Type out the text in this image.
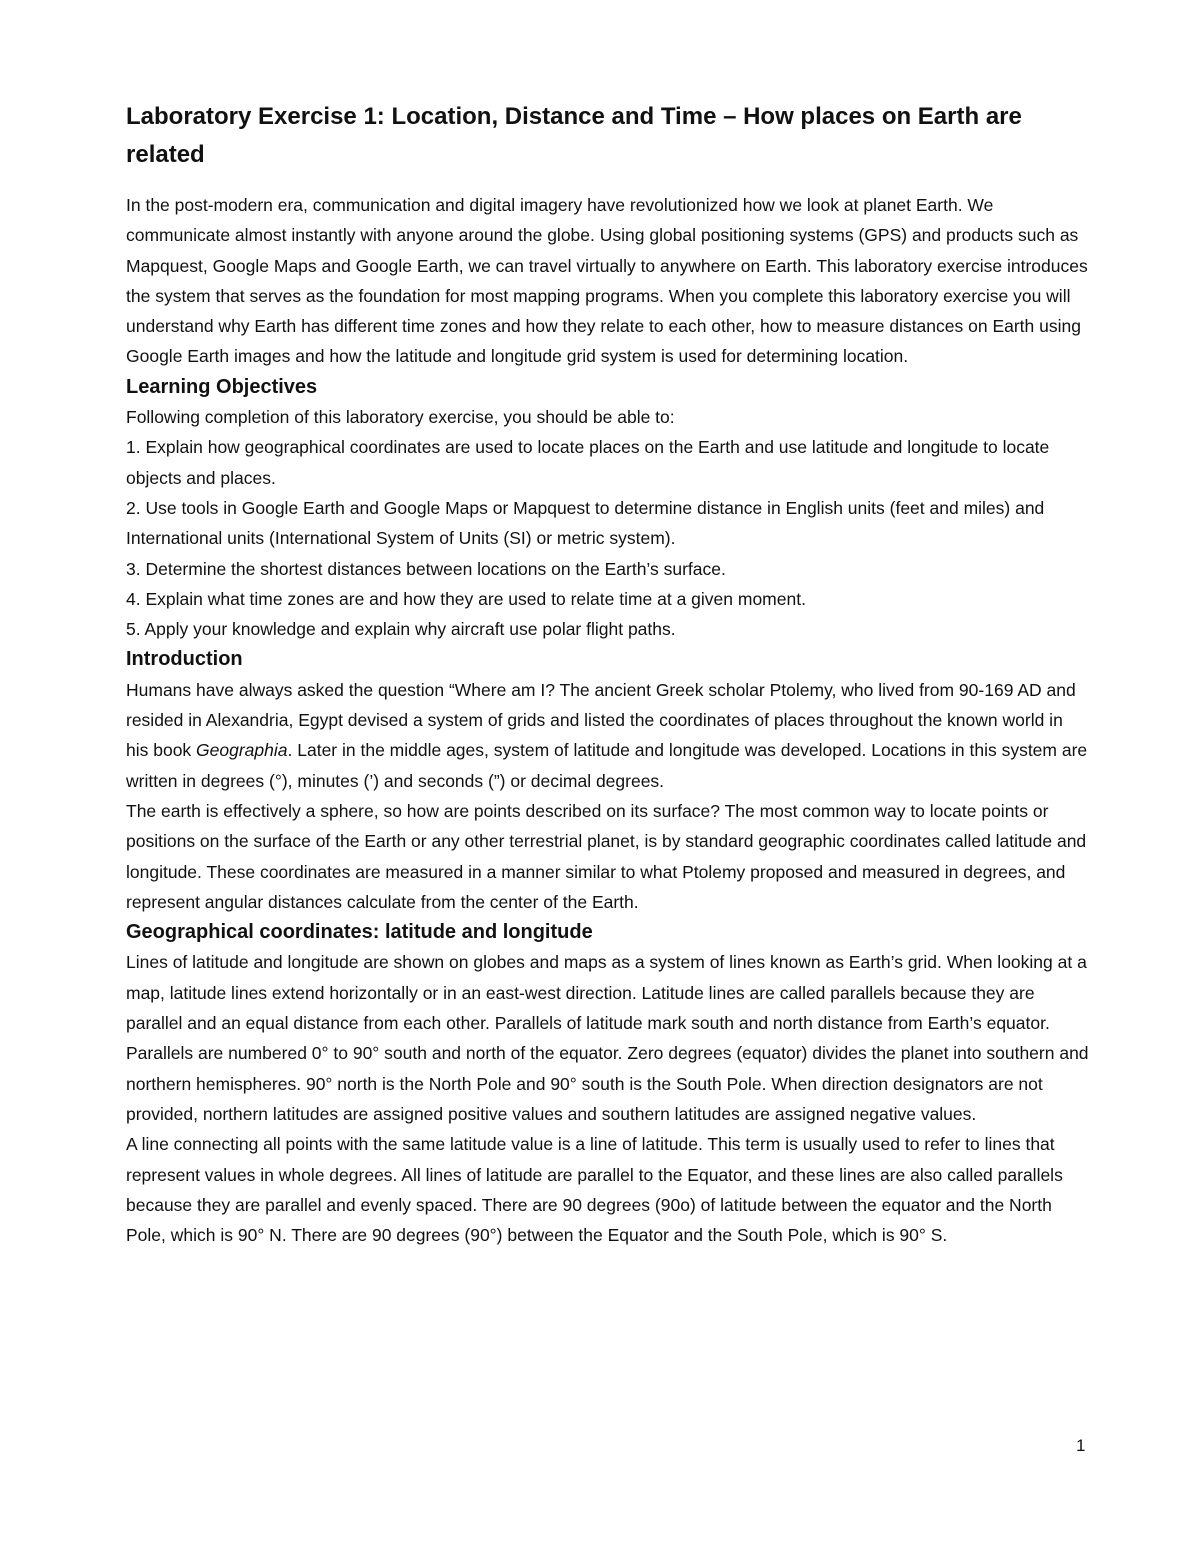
Laboratory Exercise 1: Location, Distance and Time – How places on Earth are related

In the post-modern era, communication and digital imagery have revolutionized how we look at planet Earth. We communicate almost instantly with anyone around the globe. Using global positioning systems (GPS) and products such as Mapquest, Google Maps and Google Earth, we can travel virtually to anywhere on Earth. This laboratory exercise introduces the system that serves as the foundation for most mapping programs. When you complete this laboratory exercise you will understand why Earth has different time zones and how they relate to each other, how to measure distances on Earth using Google Earth images and how the latitude and longitude grid system is used for determining location.

Learning Objectives

Following completion of this laboratory exercise, you should be able to:

1. Explain how geographical coordinates are used to locate places on the Earth and use latitude and longitude to locate objects and places.

2. Use tools in Google Earth and Google Maps or Mapquest to determine distance in English units (feet and miles) and International units (International System of Units (SI) or metric system).

3. Determine the shortest distances between locations on the Earth’s surface.

4. Explain what time zones are and how they are used to relate time at a given moment.

5. Apply your knowledge and explain why aircraft use polar flight paths.

Introduction

Humans have always asked the question “Where am I? The ancient Greek scholar Ptolemy, who lived from 90-169 AD and resided in Alexandria, Egypt devised a system of grids and listed the coordinates of places throughout the known world in his book Geographia. Later in the middle ages, system of latitude and longitude was developed. Locations in this system are written in degrees (°), minutes (’) and seconds (”) or decimal degrees.

The earth is effectively a sphere, so how are points described on its surface? The most common way to locate points or positions on the surface of the Earth or any other terrestrial planet, is by standard geographic coordinates called latitude and longitude. These coordinates are measured in a manner similar to what Ptolemy proposed and measured in degrees, and represent angular distances calculate from the center of the Earth.

Geographical coordinates: latitude and longitude

Lines of latitude and longitude are shown on globes and maps as a system of lines known as Earth’s grid. When looking at a map, latitude lines extend horizontally or in an east-west direction. Latitude lines are called parallels because they are parallel and an equal distance from each other. Parallels of latitude mark south and north distance from Earth’s equator. Parallels are numbered 0° to 90° south and north of the equator. Zero degrees (equator) divides the planet into southern and northern hemispheres. 90° north is the North Pole and 90° south is the South Pole. When direction designators are not provided, northern latitudes are assigned positive values and southern latitudes are assigned negative values.

A line connecting all points with the same latitude value is a line of latitude. This term is usually used to refer to lines that represent values in whole degrees. All lines of latitude are parallel to the Equator, and these lines are also called parallels because they are parallel and evenly spaced. There are 90 degrees (90o) of latitude between the equator and the North Pole, which is 90° N. There are 90 degrees (90°) between the Equator and the South Pole, which is 90° S.

1
